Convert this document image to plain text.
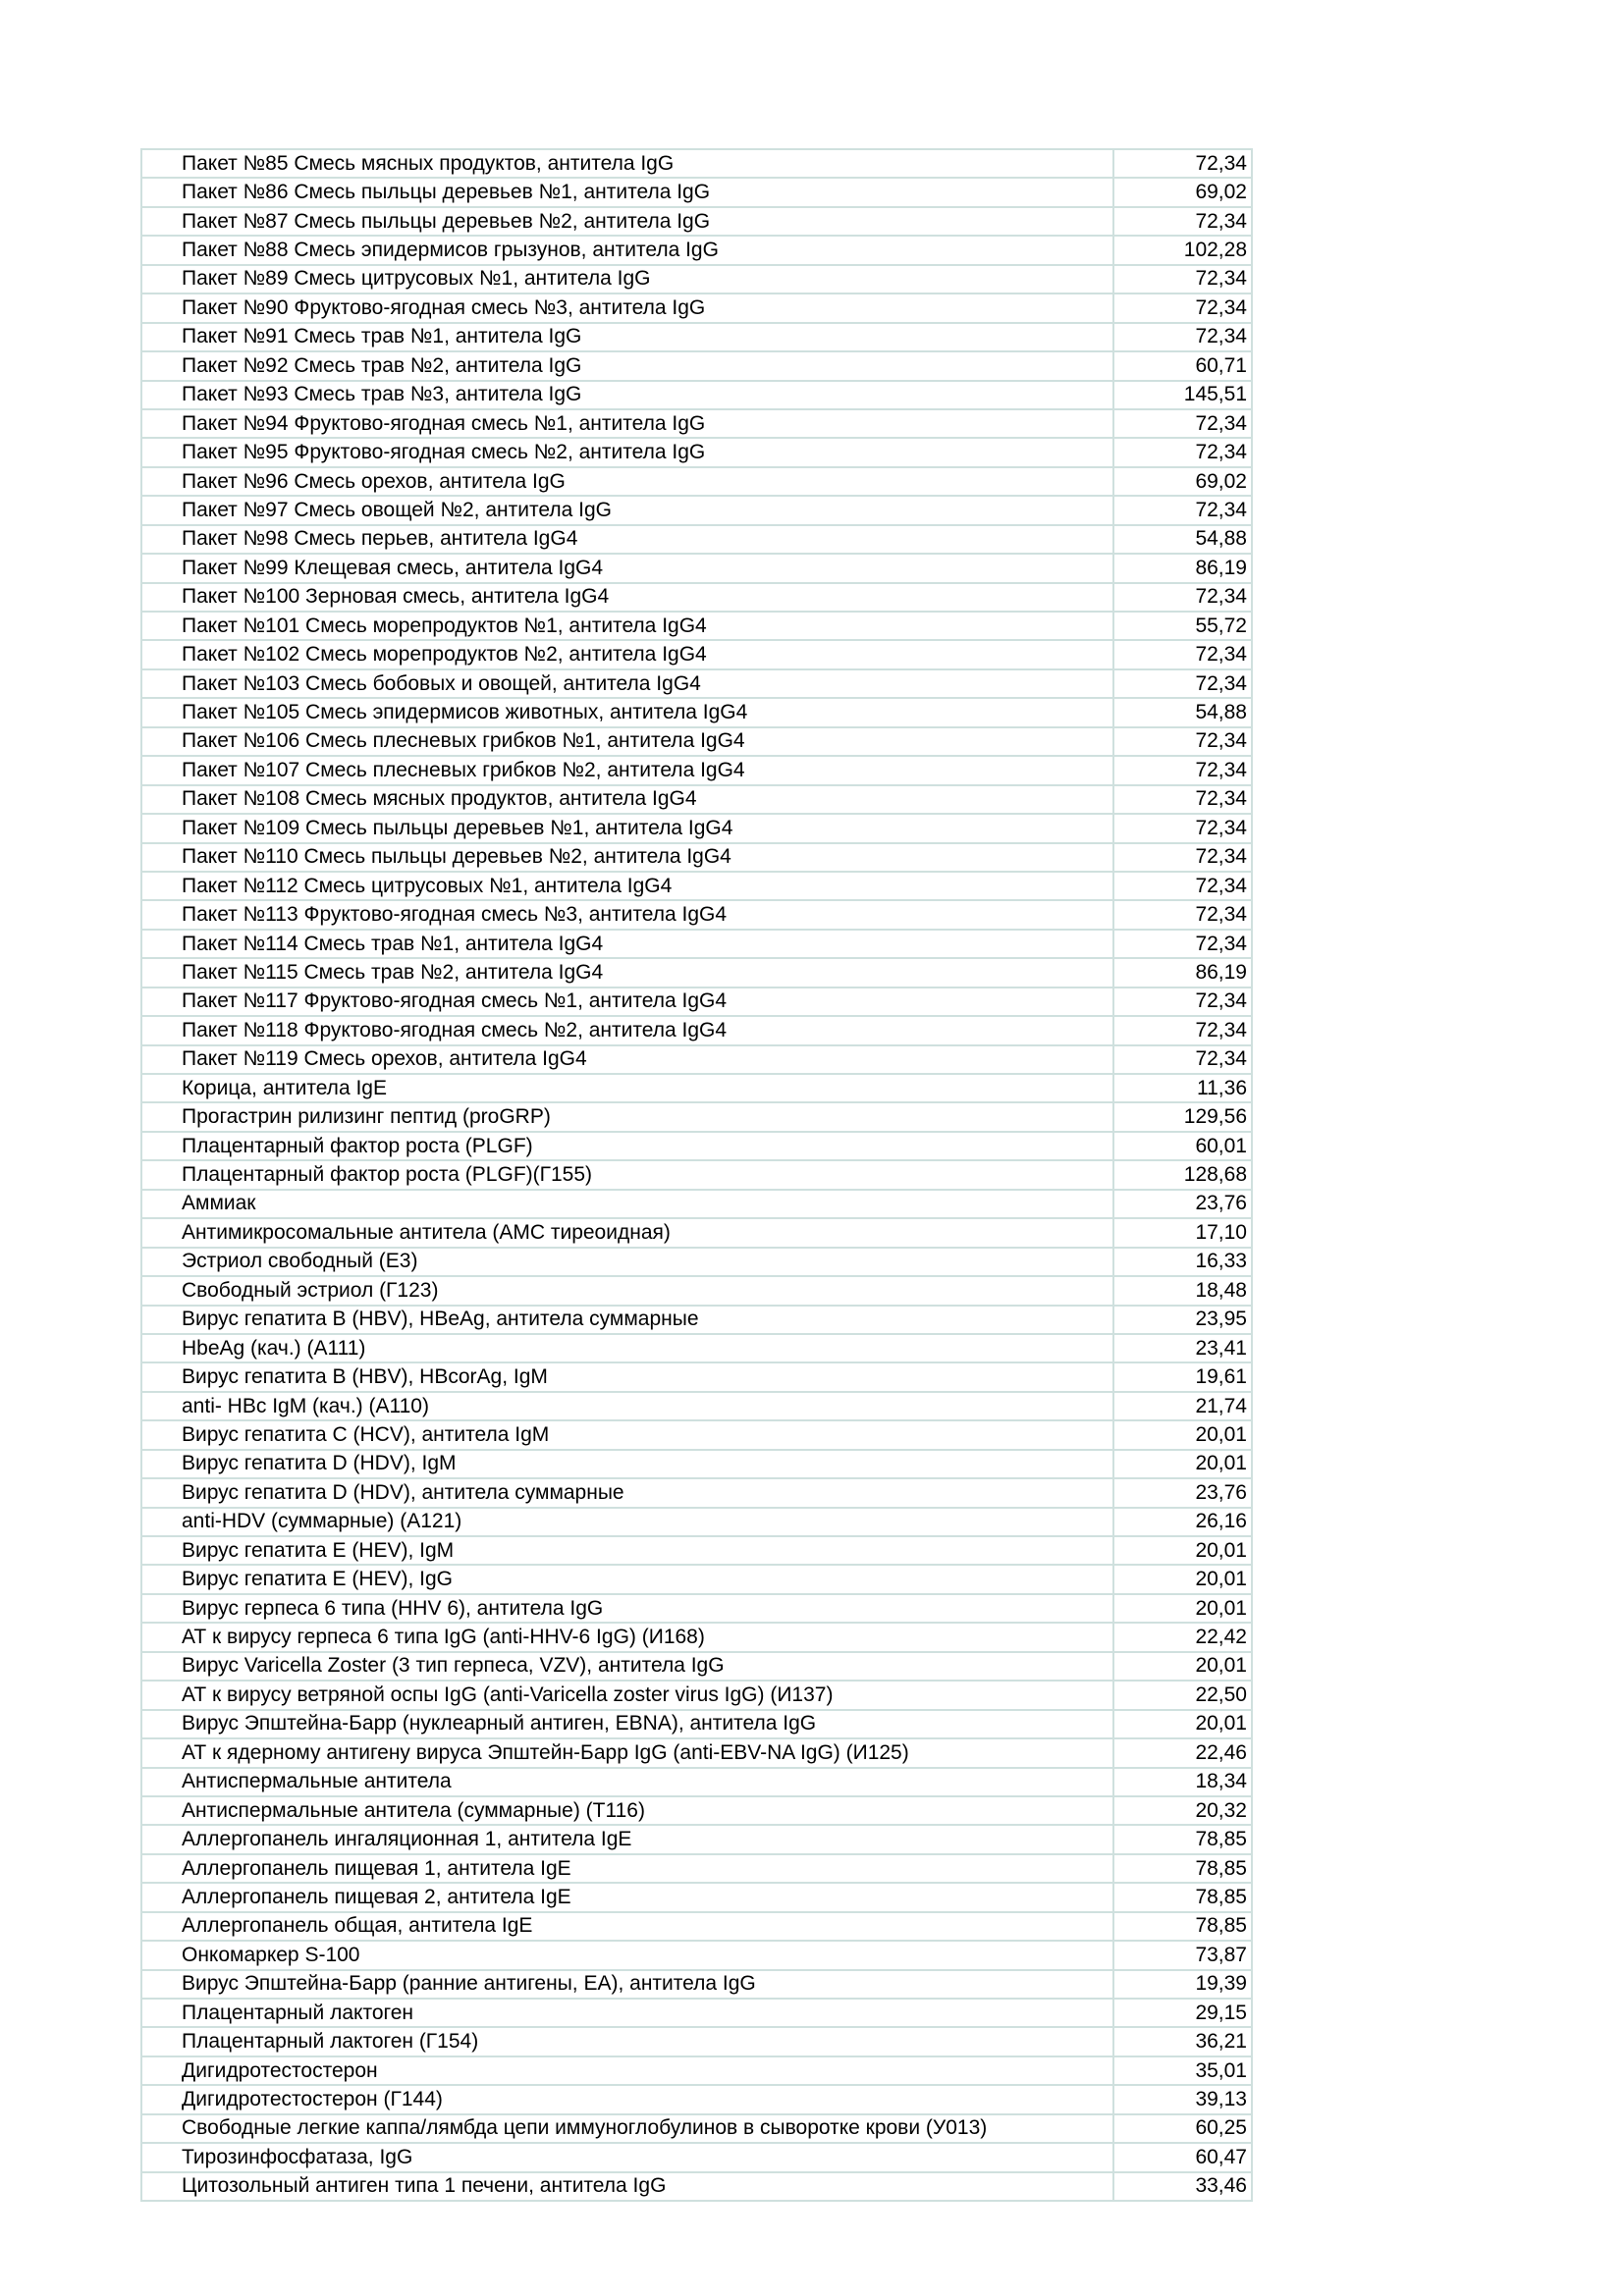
Пакет №85 Смесь мясных продуктов, антитела IgG	72,34
Пакет №86 Смесь пыльцы деревьев №1, антитела IgG	69,02
Пакет №87 Смесь пыльцы деревьев №2, антитела IgG	72,34
Пакет №88 Смесь эпидермисов грызунов, антитела IgG	102,28
Пакет №89 Смесь цитрусовых №1, антитела IgG	72,34
Пакет №90 Фруктово-ягодная смесь №3, антитела IgG	72,34
Пакет №91 Смесь трав №1, антитела IgG	72,34
Пакет №92 Смесь трав №2, антитела IgG	60,71
Пакет №93 Смесь трав №3, антитела IgG	145,51
Пакет №94 Фруктово-ягодная смесь №1, антитела IgG	72,34
Пакет №95 Фруктово-ягодная смесь №2, антитела IgG	72,34
Пакет №96 Смесь орехов, антитела IgG	69,02
Пакет №97 Смесь овощей №2, антитела IgG	72,34
Пакет №98 Смесь перьев, антитела IgG4	54,88
Пакет №99 Клещевая смесь, антитела IgG4	86,19
Пакет №100 Зерновая смесь, антитела IgG4	72,34
Пакет №101 Смесь морепродуктов №1, антитела IgG4	55,72
Пакет №102 Смесь морепродуктов №2, антитела IgG4	72,34
Пакет №103 Смесь бобовых и овощей, антитела IgG4	72,34
Пакет №105 Смесь эпидермисов животных, антитела IgG4	54,88
Пакет №106 Смесь плесневых грибков №1, антитела IgG4	72,34
Пакет №107 Смесь плесневых грибков №2, антитела IgG4	72,34
Пакет №108 Смесь мясных продуктов, антитела IgG4	72,34
Пакет №109 Смесь пыльцы деревьев №1, антитела IgG4	72,34
Пакет №110 Смесь пыльцы деревьев №2, антитела IgG4	72,34
Пакет №112 Смесь цитрусовых №1, антитела IgG4	72,34
Пакет №113 Фруктово-ягодная смесь №3, антитела IgG4	72,34
Пакет №114 Смесь трав №1, антитела IgG4	72,34
Пакет №115 Смесь трав №2, антитела IgG4	86,19
Пакет №117 Фруктово-ягодная смесь №1, антитела IgG4	72,34
Пакет №118 Фруктово-ягодная смесь №2, антитела IgG4	72,34
Пакет №119 Смесь орехов, антитела IgG4	72,34
Корица, антитела IgE	11,36
Прогастрин рилизинг пептид (proGRP)	129,56
Плацентарный фактор роста (PLGF)	60,01
Плацентарный фактор роста (PLGF)(Г155)	128,68
Аммиак	23,76
Антимикросомальные антитела (АМС тиреоидная)	17,10
Эстриол свободный (Е3)	16,33
Свободный эстриол (Г123)	18,48
Вирус гепатита B (HBV), HBeAg, антитела суммарные	23,95
HbeAg (кач.) (А111)	23,41
Вирус гепатита B (HBV), HBcorAg, IgM	19,61
anti- HBc IgM (кач.) (А110)	21,74
Вирус гепатита С (HCV), антитела IgM	20,01
Вирус гепатита D (HDV), IgM	20,01
Вирус гепатита D (HDV), антитела суммарные	23,76
anti-HDV (суммарные) (А121)	26,16
Вирус гепатита E (HEV), IgM	20,01
Вирус гепатита E (HEV), IgG	20,01
Вирус герпеса 6 типа (HHV 6), антитела IgG	20,01
АТ к вирусу герпеса 6 типа IgG (anti-HHV-6 IgG) (И168)	22,42
Вирус Varicella Zoster (3 тип герпеса, VZV), антитела IgG	20,01
АТ к вирусу ветряной оспы IgG (anti-Varicella zoster virus IgG) (И137)	22,50
Вирус Эпштейна-Барр (нуклеарный антиген, EBNA), антитела IgG	20,01
АТ к ядерному антигену вируса Эпштейн-Барр IgG (anti-EBV-NA IgG) (И125)	22,46
Антиспермальные антитела	18,34
Антиспермальные антитела (суммарные) (Т116)	20,32
Аллергопанель ингаляционная 1, антитела IgE	78,85
Аллергопанель пищевая 1, антитела IgE	78,85
Аллергопанель пищевая 2, антитела IgE	78,85
Аллергопанель общая, антитела IgE	78,85
Онкомаркер S-100	73,87
Вирус Эпштейна-Барр (ранние антигены, ЕА), антитела IgG	19,39
Плацентарный лактоген	29,15
Плацентарный лактоген (Г154)	36,21
Дигидротестостерон	35,01
Дигидротестостерон (Г144)	39,13
Свободные легкие каппа/лямбда цепи иммуноглобулинов в сыворотке крови (У013)	60,25
Тирозинфосфатаза, IgG	60,47
Цитозольный антиген типа 1 печени, антитела IgG	33,46
